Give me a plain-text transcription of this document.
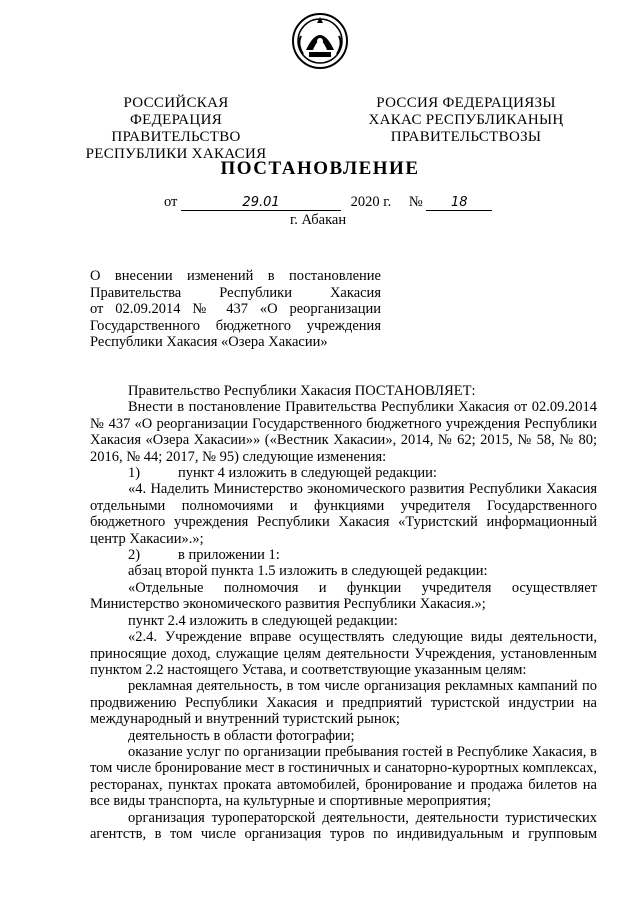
РОССИЙСКАЯ ФЕДЕРАЦИЯ
ПРАВИТЕЛЬСТВО
РЕСПУБЛИКИ ХАКАСИЯ
РОССИЯ ФЕДЕРАЦИЯЗЫ
ХАКАС РЕСПУБЛИКАНЫҢ
ПРАВИТЕЛЬСТВОЗЫ
ПОСТАНОВЛЕНИЕ
от	29.01	2020 г. № 18
г. Абакан
О внесении изменений в постановление
Правительства Республики Хакасия
от 02.09.2014 № 437 «О реорганизации
Государственного бюджетного учреждения
Республики Хакасия «Озера Хакасии»

Правительство Республики Хакасия ПОСТАНОВЛЯЕТ:

Внести в постановление Правительства Республики Хакасия от 02.09.2014 № 437 «О реорганизации Государственного бюджетного учреждения Республики Хакасия «Озера Хакасии»» («Вестник Хакасии», 2014, № 62; 2015, № 58, № 80; 2016, № 44; 2017, № 95) следующие изменения:

1)	пункт 4 изложить в следующей редакции:

«4. Наделить Министерство экономического развития Республики Хакасия отдельными полномочиями и функциями учредителя Государственного бюджетного учреждения Республики Хакасия «Туристский информационный центр Хакасии».»;

2)	в приложении 1:

абзац второй пункта 1.5 изложить в следующей редакции:

«Отдельные полномочия и функции учредителя осуществляет Министерство экономического развития Республики Хакасия.»;

пункт 2.4 изложить в следующей редакции:

«2.4. Учреждение вправе осуществлять следующие виды деятельности, приносящие доход, служащие целям деятельности Учреждения, установленным пунктом 2.2 настоящего Устава, и соответствующие указанным целям:

рекламная деятельность, в том числе организация рекламных кампаний по продвижению Республики Хакасия и предприятий туристской индустрии на международный и внутренний туристский рынок;

деятельность в области фотографии;

оказание услуг по организации пребывания гостей в Республике Хакасия, в том числе бронирование мест в гостиничных и санаторно-курортных комплексах, ресторанах, пунктах проката автомобилей, бронирование и продажа билетов на все виды транспорта, на культурные и спортивные мероприятия;

организация туроператорской деятельности, деятельности туристических агентств, в том числе организация туров по индивидуальным и групповым
